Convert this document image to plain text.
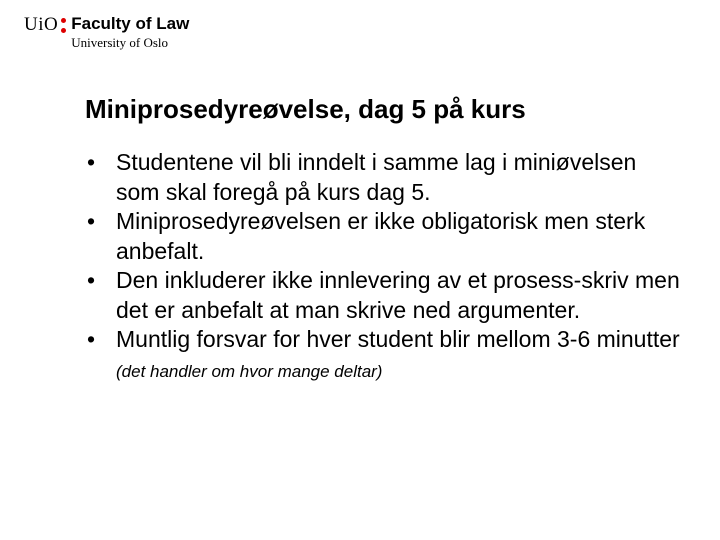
UiO Faculty of Law
University of Oslo
Miniprosedyreøvelse, dag 5 på kurs
• Studentene vil bli inndelt i samme lag i miniøvelsen som skal foregå på kurs dag 5.
• Miniprosedyreøvelsen er ikke obligatorisk men sterk anbefalt.
• Den inkluderer ikke innlevering av et prosess-skriv men det er anbefalt at man skrive ned argumenter.
• Muntlig forsvar for hver student blir mellom 3-6 minutter (det handler om hvor mange deltar)
